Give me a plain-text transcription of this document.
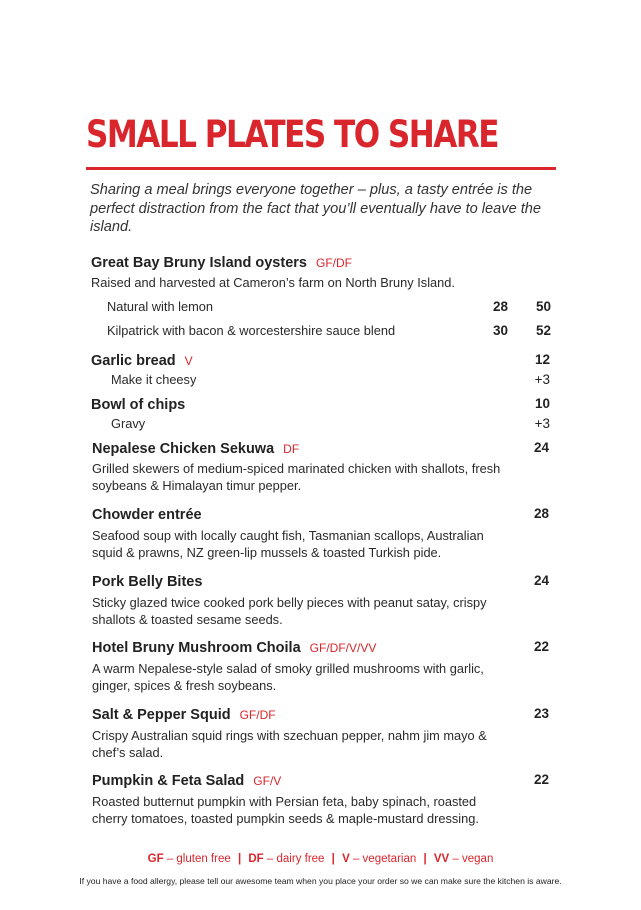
SMALL PLATES TO SHARE
Sharing a meal brings everyone together – plus, a tasty entrée is the perfect distraction from the fact that you’ll eventually have to leave the island.
Great Bay Bruny Island oysters GF/DF
Raised and harvested at Cameron’s farm on North Bruny Island.
Natural with lemon	28	50
Kilpatrick with bacon & worcestershire sauce blend	30	52
Garlic bread V	12
Make it cheesy	+3
Bowl of chips	10
Gravy	+3
Nepalese Chicken Sekuwa DF	24
Grilled skewers of medium-spiced marinated chicken with shallots, fresh soybeans & Himalayan timur pepper.
Chowder entrée	28
Seafood soup with locally caught fish, Tasmanian scallops, Australian squid & prawns, NZ green-lip mussels & toasted Turkish pide.
Pork Belly Bites	24
Sticky glazed twice cooked pork belly pieces with peanut satay, crispy shallots & toasted sesame seeds.
Hotel Bruny Mushroom Choila GF/DF/V/VV	22
A warm Nepalese-style salad of smoky grilled mushrooms with garlic, ginger, spices & fresh soybeans.
Salt & Pepper Squid GF/DF	23
Crispy Australian squid rings with szechuan pepper, nahm jim mayo & chef’s salad.
Pumpkin & Feta Salad GF/V	22
Roasted butternut pumpkin with Persian feta, baby spinach, roasted cherry tomatoes, toasted pumpkin seeds & maple-mustard dressing.
GF – gluten free | DF – dairy free | V – vegetarian | VV – vegan
If you have a food allergy, please tell our awesome team when you place your order so we can make sure the kitchen is aware.
